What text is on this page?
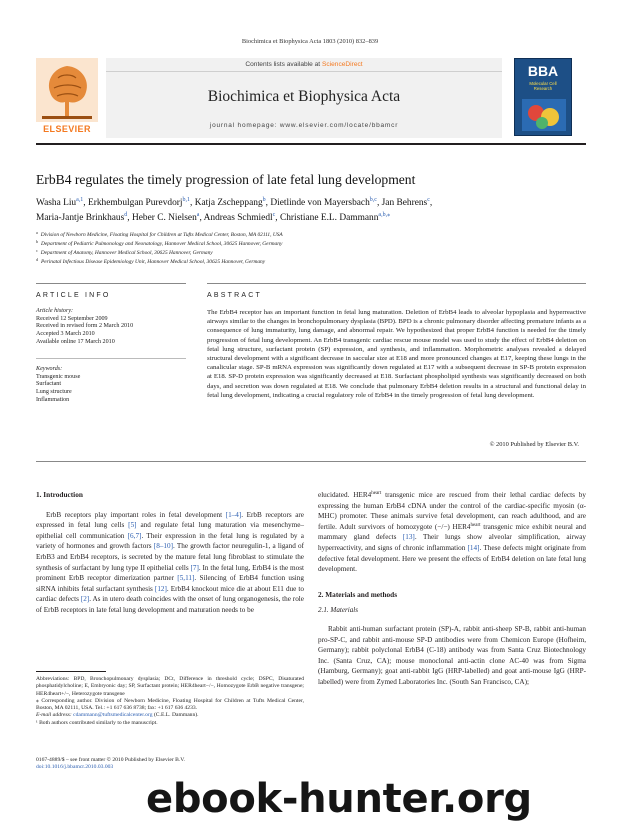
Biochimica et Biophysica Acta 1803 (2010) 832–839
ELSEVIER
Contents lists available at ScienceDirect
Biochimica et Biophysica Acta
journal homepage: www.elsevier.com/locate/bbamcr
BBA
Molecular Cell
Research
ErbB4 regulates the timely progression of late fetal lung development
Washa Liu$^{a,1}$, Erkhembulgan Purevdorj$^{b,1}$, Katja Zscheppang$^b$, Dietlinde von Mayersbach$^{b,c}$, Jan Behrens$^c$,
Maria-Jantje Brinkhaus$^d$, Heber C. Nielsen$^a$, Andreas Schmiedl$^c$, Christiane E.L. Dammann$^{a,b,⁎}$
$^a$ Division of Newborn Medicine, Floating Hospital for Children at Tufts Medical Center, Boston, MA 02111, USA
$^b$ Department of Pediatric Pulmonology and Neonatology, Hannover Medical School, 30625 Hannover, Germany
$^c$ Department of Anatomy, Hannover Medical School, 30625 Hannover, Germany
$^d$ Perinatal Infectious Disease Epidemiology Unit, Hannover Medical School, 30625 Hannover, Germany
ARTICLE INFO	ABSTRACT
Article history:
Received 12 September 2009
Received in revised form 2 March 2010
Accepted 3 March 2010
Available online 17 March 2010
Keywords:
Transgenic mouse
Surfactant
Lung structure
Inflammation
The ErbB4 receptor has an important function in fetal lung maturation. Deletion of ErbB4 leads to alveolar hypoplasia and hyperreactive airways similar to the changes in bronchopulmonary dysplasia (BPD). BPD is a chronic pulmonary disorder affecting premature infants as a consequence of lung immaturity, lung damage, and abnormal repair. We hypothesized that proper ErbB4 function is needed for the timely progression of fetal lung development. An ErbB4 transgenic cardiac rescue mouse model was used to study the effect of ErbB4 deletion on fetal lung structure, surfactant protein (SP) expression, and synthesis, and inflammation. Morphometric analyses revealed a delayed structural development with a significant decrease in saccular size at E18 and more pronounced changes at E17, keeping these lungs in the canalicular stage. SP-B mRNA expression was significantly down regulated at E17 with a subsequent decrease in SP-B protein expression at E18. SP-D protein expression was significantly decreased at E18. Surfactant phospholipid synthesis was significantly decreased on both days, and secretion was down regulated at E18. We conclude that pulmonary ErbB4 deletion results in a structural and functional delay in fetal lung development, indicating a crucial regulatory role of ErbB4 in the timely progression of fetal lung development.
© 2010 Published by Elsevier B.V.
1. Introduction

ErbB receptors play important roles in fetal development [1–4]. ErbB receptors are expressed in fetal lung cells [5] and regulate fetal lung maturation via mesenchyme–epithelial cell communication [6,7]. Their expression in the fetal lung is regulated by a variety of hormones and growth factors [8–10]. The growth factor neuregulin-1, a ligand of ErbB3 and ErbB4 receptors, is secreted by the mature fetal lung fibroblast to stimulate the synthesis of surfactant by lung type II epithelial cells [7]. In the fetal lung, ErbB4 is the most prominent ErbB receptor dimerization partner [5,11]. Silencing of ErbB4 function using siRNA inhibits fetal surfactant synthesis [12]. ErbB4 knockout mice die at about E11 due to cardiac defects [2]. As in utero death coincides with the onset of lung organogenesis, the role of ErbB receptors in late fetal lung development and maturation needs to be

Abbreviations: BPD, Bronchopulmonary dysplasia; DCt, Difference in threshold cycle; DSPC, Disaturated phosphatidylcholine; E, Embryonic day; SP, Surfactant protein; HER4heart−/−, Homozygote ErbB negative transgene; HER4heart+/−, Heterozygote transgene
⁎ Corresponding author. Division of Newborn Medicine, Floating Hospital for Children at Tufts Medical Center, Boston, MA 02111, USA. Tel.: +1 617 636 8738; fax: +1 617 636 4233.
E-mail address: cdammann@tuftsmedicalcenter.org (C.E.L. Dammann).
¹ Both authors contributed similarly to the manuscript.
0167-4889/$ – see front matter © 2010 Published by Elsevier B.V.
doi:10.1016/j.bbamcr.2010.03.003

elucidated. $HER4^{heart}$ transgenic mice are rescued from their lethal cardiac defects by expressing the human ErbB4 cDNA under the control of the cardiac-specific myosin (α-MHC) promoter. These animals survive fetal development, can reach adulthood, and are fertile. Adult survivors of homozygote (−/−) $HER4^{heart}$ transgenic mice exhibit neural and mammary gland defects [13]. Their lungs show alveolar simplification, airway hyperreactivity, and signs of chronic inflammation [14]. These defects might originate from defective fetal development. Here we present the effects of ErbB4 deletion on late fetal lung development.

2. Materials and methods
2.1. Materials

Rabbit anti-human surfactant protein (SP)-A, rabbit anti-sheep SP-B, rabbit anti-human pro-SP-C, and rabbit anti-mouse SP-D antibodies were from Chemicon Europe (Hofheim, Germany); rabbit polyclonal ErbB4 (C-18) antibody was from Santa Cruz Biotechnology Inc. (Santa Cruz, CA); mouse monoclonal anti-actin clone AC-40 was from Sigma (Hamburg, Germany); goat anti-rabbit IgG (HRP-labelled) and goat anti-mouse IgG (HRP-labelled) were from Zymed Laboratories Inc. (South San Francisco, CA);

ebook-hunter.org
